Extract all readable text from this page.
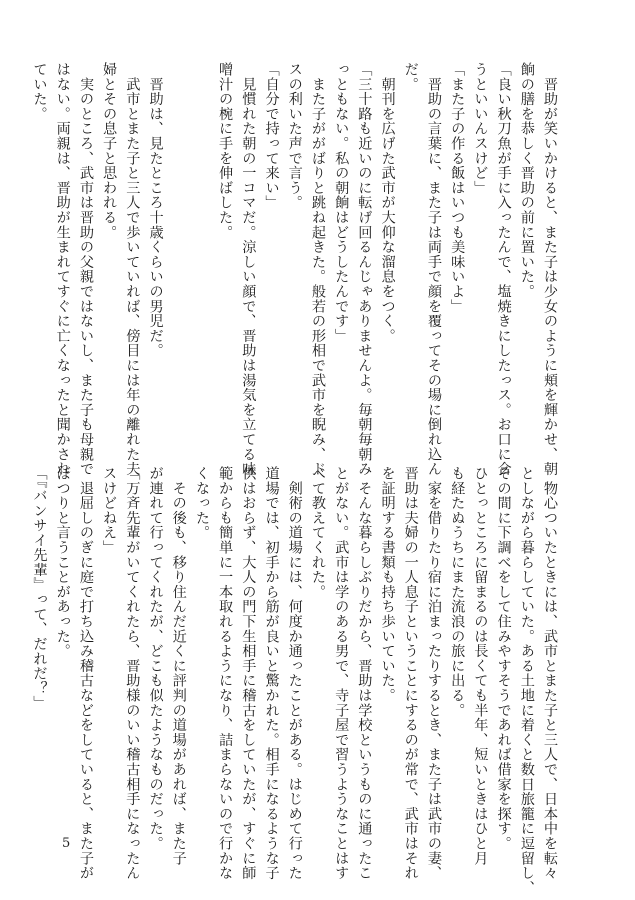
　晋助が笑いかけると、また子は少女のように頬を輝かせ、朝
餉の膳を恭しく晋助の前に置いた。
「良い秋刀魚が手に入ったんで、塩焼きにしたっス。お口に合
うといいんスけど」
「また子の作る飯はいつも美味いよ」
　晋助の言葉に、また子は両手で顔を覆ってその場に倒れ込ん
だ。
　朝刊を広げた武市が大仰な溜息をつく。
「三十路も近いのに転げ回るんじゃありませんよ。毎朝毎朝み
っともない。私の朝餉はどうしたんです」
　また子ががばりと跳ね起きた。般若の形相で武市を睨み、ド
スの利いた声で言う。
「自分で持って来い」
　見慣れた朝の一コマだ。涼しい顔で、晋助は湯気を立てる味
噌汁の椀に手を伸ばした。

　晋助は、見たところ十歳くらいの男児だ。
　武市とまた子と三人で歩いていれば、傍目には年の離れた夫
婦とその息子と思われる。
　実のところ、武市は晋助の父親ではないし、また子も母親で
はない。両親は、晋助が生まれてすぐに亡くなったと聞かされ
ていた。
　物心ついたときには、武市とまた子と三人で、日本中を転々
としながら暮らしていた。ある土地に着くと数日旅籠に逗留し、
その間に下調べをして住みやすそうであれば借家を探す。
ひとっところに留まるのは長くても半年、短いときはひと月
も経たぬうちにまた流浪の旅に出る。
　家を借りたり宿に泊まったりするとき、また子は武市の妻、
晋助は夫婦の一人息子ということにするのが常で、武市はそれ
を証明する書類も持ち歩いていた。
　そんな暮らしぶりだから、晋助は学校というものに通ったこ
とがない。武市は学のある男で、寺子屋で習うようなことはす
べて教えてくれた。
　剣術の道場には、何度か通ったことがある。はじめて行った
道場では、初手から筋が良いと驚かれた。相手になるような子
供はおらず、大人の門下生相手に稽古をしていたが、すぐに師
範からも簡単に一本取れるようになり、詰まらないので行かな
くなった。
　その後も、移り住んだ近くに評判の道場があれば、また子
が連れて行ってくれたが、どこも似たようなものだった。
「万斉先輩がいてくれたら、晋助様のいい稽古相手になったん
スけどねえ」
　退屈しのぎに庭で打ち込み稽古などをしていると、また子が
ぼつりと言うことがあった。
「『バンサイ先輩』って、だれだ？」
5
